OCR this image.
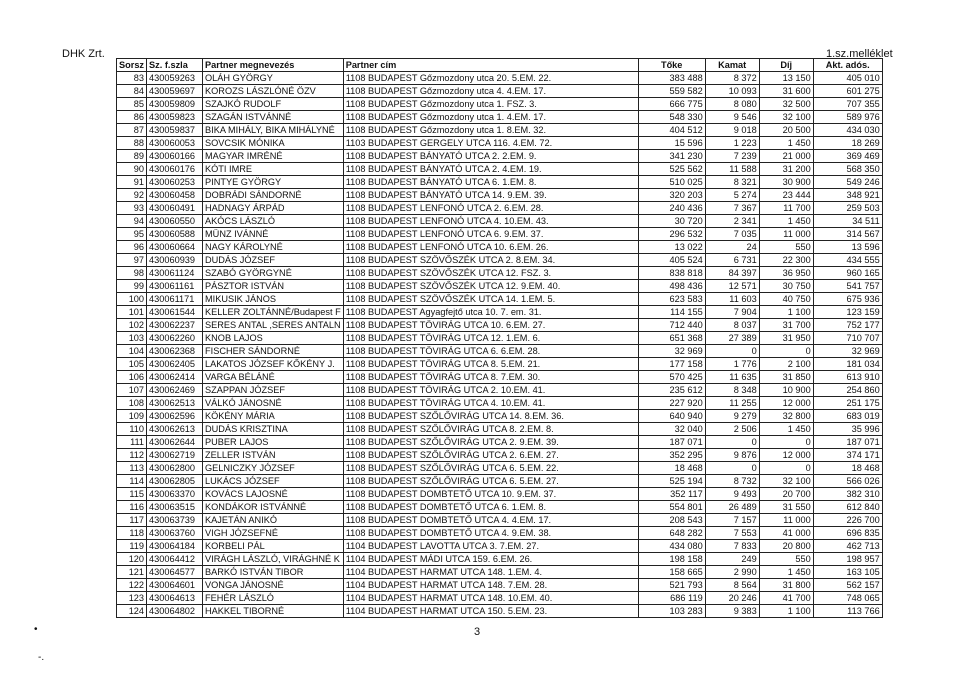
DHK Zrt.	1.sz.melléklet
Sorsz	Sz. f.szla	Partner megnevezés	Partner cím	Tőke	Kamat	Díj	Akt. adós.
83	430059263	OLÁH GYÖRGY	1108 BUDAPEST Gőzmozdony utca 20. 5.EM. 22.	383 488	8 372	13 150	405 010
84	430059697	KOROZS LÁSZLÓNÉ ÖZV	1108 BUDAPEST Gőzmozdony utca 4. 4.EM. 17.	559 582	10 093	31 600	601 275
85	430059809	SZAJKÓ RUDOLF	1108 BUDAPEST Gőzmozdony utca 1. FSZ. 3.	666 775	8 080	32 500	707 355
86	430059823	SZAGÁN ISTVÁNNÉ	1108 BUDAPEST Gőzmozdony utca 1. 4.EM. 17.	548 330	9 546	32 100	589 976
87	430059837	BIKA MIHÁLY, BIKA MIHÁLYNÉ	1108 BUDAPEST Gőzmozdony utca 1. 8.EM. 32.	404 512	9 018	20 500	434 030
88	430060053	SOVCSIK MÓNIKA	1103 BUDAPEST GERGELY UTCA 116. 4.EM. 72.	15 596	1 223	1 450	18 269
89	430060166	MAGYAR IMRÉNÉ	1108 BUDAPEST BÁNYATÓ UTCA 2. 2.EM. 9.	341 230	7 239	21 000	369 469
90	430060176	KÓTI IMRE	1108 BUDAPEST BÁNYATÓ UTCA 2. 4.EM. 19.	525 562	11 588	31 200	568 350
91	430060253	PINTYE GYÖRGY	1108 BUDAPEST BÁNYATÓ UTCA 6. 1.EM. 8.	510 025	8 321	30 900	549 246
92	430060458	DOBRÁDI SÁNDORNÉ	1108 BUDAPEST BÁNYATÓ UTCA 14. 9.EM. 39.	320 203	5 274	23 444	348 921
93	430060491	HADNAGY ÁRPÁD	1108 BUDAPEST LENFONÓ UTCA 2. 6.EM. 28.	240 436	7 367	11 700	259 503
94	430060550	AKÓCS LÁSZLÓ	1108 BUDAPEST LENFONÓ UTCA 4. 10.EM. 43.	30 720	2 341	1 450	34 511
95	430060588	MÜNZ IVÁNNÉ	1108 BUDAPEST LENFONÓ UTCA 6. 9.EM. 37.	296 532	7 035	11 000	314 567
96	430060664	NAGY KÁROLYNÉ	1108 BUDAPEST LENFONÓ UTCA 10. 6.EM. 26.	13 022	24	550	13 596
97	430060939	DUDÁS JÓZSEF	1108 BUDAPEST SZÖVŐSZÉK UTCA 2. 8.EM. 34.	405 524	6 731	22 300	434 555
98	430061124	SZABÓ GYÖRGYNÉ	1108 BUDAPEST SZÖVŐSZÉK UTCA 12. FSZ. 3.	838 818	84 397	36 950	960 165
99	430061161	PÁSZTOR ISTVÁN	1108 BUDAPEST SZÖVŐSZÉK UTCA 12. 9.EM. 40.	498 436	12 571	30 750	541 757
100	430061171	MIKUSIK JÁNOS	1108 BUDAPEST SZÖVŐSZÉK UTCA 14. 1.EM. 5.	623 583	11 603	40 750	675 936
101	430061544	KELLER ZOLTÁNNÉ/Budapest F	1108 BUDAPEST Agyagfejtő utca 10. 7. em. 31.	114 155	7 904	1 100	123 159
102	430062237	SERES ANTAL ,SERES ANTALN	1108 BUDAPEST TÖVIRÁG UTCA 10. 6.EM. 27.	712 440	8 037	31 700	752 177
103	430062260	KNOB LAJOS	1108 BUDAPEST TÖVIRÁG UTCA 12. 1.EM. 6.	651 368	27 389	31 950	710 707
104	430062368	FISCHER SÁNDORNÉ	1108 BUDAPEST TÖVIRÁG UTCA 6. 6.EM. 28.	32 969	0	0	32 969
105	430062405	LAKATOS JÓZSEF KŐKÉNY J.	1108 BUDAPEST TÖVIRÁG UTCA 8. 5.EM. 21.	177 158	1 776	2 100	181 034
106	430062414	VARGA BÉLÁNÉ	1108 BUDAPEST TÖVIRÁG UTCA 8. 7.EM. 30.	570 425	11 635	31 850	613 910
107	430062469	SZAPPAN JÓZSEF	1108 BUDAPEST TÖVIRÁG UTCA 2. 10.EM. 41.	235 612	8 348	10 900	254 860
108	430062513	VÁLKÓ JÁNOSNÉ	1108 BUDAPEST TÖVIRÁG UTCA 4. 10.EM. 41.	227 920	11 255	12 000	251 175
109	430062596	KÖKÉNY MÁRIA	1108 BUDAPEST SZŐLŐVIRÁG UTCA 14. 8.EM. 36.	640 940	9 279	32 800	683 019
110	430062613	DUDÁS KRISZTINA	1108 BUDAPEST SZŐLŐVIRÁG UTCA 8. 2.EM. 8.	32 040	2 506	1 450	35 996
111	430062644	PUBER LAJOS	1108 BUDAPEST SZŐLŐVIRÁG UTCA 2. 9.EM. 39.	187 071	0	0	187 071
112	430062719	ZELLER ISTVÁN	1108 BUDAPEST SZŐLŐVIRÁG UTCA 2. 6.EM. 27.	352 295	9 876	12 000	374 171
113	430062800	GELNICZKY JÓZSEF	1108 BUDAPEST SZŐLŐVIRÁG UTCA 6. 5.EM. 22.	18 468	0	0	18 468
114	430062805	LUKÁCS JÓZSEF	1108 BUDAPEST SZŐLŐVIRÁG UTCA 6. 5.EM. 27.	525 194	8 732	32 100	566 026
115	430063370	KOVÁCS LAJOSNÉ	1108 BUDAPEST DOMBTETŐ UTCA 10. 9.EM. 37.	352 117	9 493	20 700	382 310
116	430063515	KONDÁKOR ISTVÁNNÉ	1108 BUDAPEST DOMBTETŐ UTCA 6. 1.EM. 8.	554 801	26 489	31 550	612 840
117	430063739	KAJETÁN ANIKÓ	1108 BUDAPEST DOMBTETŐ UTCA 4. 4.EM. 17.	208 543	7 157	11 000	226 700
118	430063760	VIGH JÓZSEFNÉ	1108 BUDAPEST DOMBTETŐ UTCA 4. 9.EM. 38.	648 282	7 553	41 000	696 835
119	430064184	KORBELI PÁL	1104 BUDAPEST LAVOTTA UTCA 3. 7.EM. 27.	434 080	7 833	20 800	462 713
120	430064412	VIRÁGH LÁSZLÓ, VIRÁGHNÉ K	1104 BUDAPEST MÁDI UTCA 159. 6.EM. 26.	198 158	249	550	198 957
121	430064577	BARKÓ ISTVÁN TIBOR	1104 BUDAPEST HARMAT UTCA 148. 1.EM. 4.	158 665	2 990	1 450	163 105
122	430064601	VONGA JÁNOSNÉ	1104 BUDAPEST HARMAT UTCA 148. 7.EM. 28.	521 793	8 564	31 800	562 157
123	430064613	FEHÉR LÁSZLÓ	1104 BUDAPEST HARMAT UTCA 148. 10.EM. 40.	686 119	20 246	41 700	748 065
124	430064802	HAKKEL TIBORNÉ	1104 BUDAPEST HARMAT UTCA 150. 5.EM. 23.	103 283	9 383	1 100	113 766
3
•
-.
